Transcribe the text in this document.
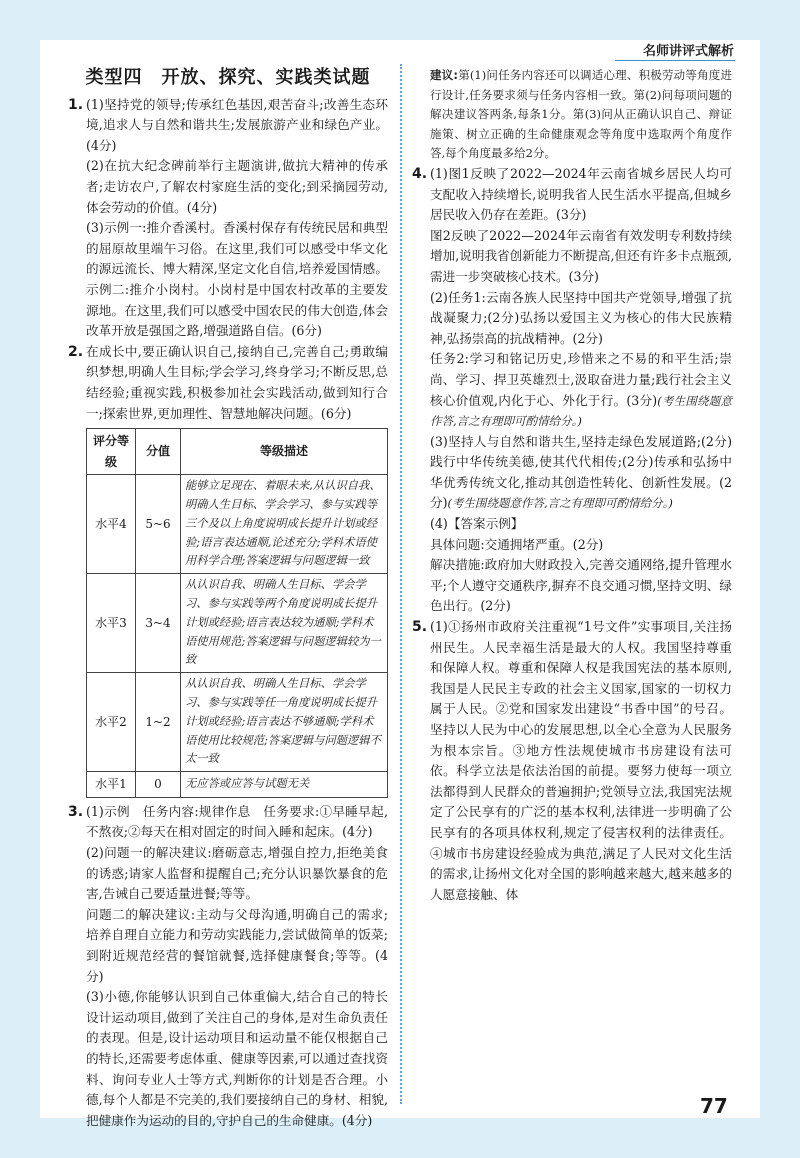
名师讲评式解析
类型四　开放、探究、实践类试题
1. (1)坚持党的领导;传承红色基因,艰苦奋斗;改善生态环境,追求人与自然和谐共生;发展旅游产业和绿色产业。(4分)

(2)在抗大纪念碑前举行主题演讲,做抗大精神的传承者;走访农户,了解农村家庭生活的变化;到采摘园劳动,体会劳动的价值。(4分)

(3)示例一:推介香溪村。香溪村保存有传统民居和典型的屈原故里端午习俗。在这里,我们可以感受中华文化的源远流长、博大精深,坚定文化自信,培养爱国情感。示例二:推介小岗村。小岗村是中国农村改革的主要发源地。在这里,我们可以感受中国农民的伟大创造,体会改革开放是强国之路,增强道路自信。(6分)

2. 在成长中,要正确认识自己,接纳自己,完善自己;勇敢编织梦想,明确人生目标;学会学习,终身学习;不断反思,总结经验;重视实践,积极参加社会实践活动,做到知行合一;探索世界,更加理性、智慧地解决问题。(6分)

评分等级	分值	等级描述
水平4	5~6	能够立足现在、着眼未来,从认识自我、明确人生目标、学会学习、参与实践等三个及以上角度说明成长提升计划或经验;语言表达通顺,论述充分;学科术语使用科学合理;答案逻辑与问题逻辑一致
水平3	3~4	从认识自我、明确人生目标、学会学习、参与实践等两个角度说明成长提升计划或经验;语言表达较为通顺;学科术语使用规范;答案逻辑与问题逻辑较为一致
水平2	1~2	从认识自我、明确人生目标、学会学习、参与实践等任一角度说明成长提升计划或经验;语言表达不够通顺;学科术语使用比较规范;答案逻辑与问题逻辑不太一致
水平1	0	无应答或应答与试题无关
3. (1)示例　任务内容:规律作息　任务要求:①早睡早起,不熬夜;②每天在相对固定的时间入睡和起床。(4分)

(2)问题一的解决建议:磨砺意志,增强自控力,拒绝美食的诱惑;请家人监督和提醒自己;充分认识暴饮暴食的危害,告诫自己要适量进餐;等等。

问题二的解决建议:主动与父母沟通,明确自己的需求;培养自理自立能力和劳动实践能力,尝试做简单的饭菜;到附近规范经营的餐馆就餐,选择健康餐食;等等。(4分)

(3)小德,你能够认识到自己体重偏大,结合自己的特长设计运动项目,做到了关注自己的身体,是对生命负责任的表现。但是,设计运动项目和运动量不能仅根据自己的特长,还需要考虑体重、健康等因素,可以通过查找资料、询问专业人士等方式,判断你的计划是否合理。小德,每个人都是不完美的,我们要接纳自己的身材、相貌,把健康作为运动的目的,守护自己的生命健康。(4分)

建议:第(1)问任务内容还可以调适心理、积极劳动等角度进行设计,任务要求须与任务内容相一致。第(2)问每项问题的解决建议答两条,每条1分。第(3)问从正确认识自己、辩证施策、树立正确的生命健康观念等角度中选取两个角度作答,每个角度最多给2分。

4. (1)图1反映了2022—2024年云南省城乡居民人均可支配收入持续增长,说明我省人民生活水平提高,但城乡居民收入仍存在差距。(3分)

图2反映了2022—2024年云南省有效发明专利数持续增加,说明我省创新能力不断提高,但还有许多卡点瓶颈,需进一步突破核心技术。(3分)

(2)任务1:云南各族人民坚持中国共产党领导,增强了抗战凝聚力;(2分)弘扬以爱国主义为核心的伟大民族精神,弘扬崇高的抗战精神。(2分)

任务2:学习和铭记历史,珍惜来之不易的和平生活;崇尚、学习、捍卫英雄烈士,汲取奋进力量;践行社会主义核心价值观,内化于心、外化于行。(3分)(考生围绕题意作答,言之有理即可酌情给分。)

(3)坚持人与自然和谐共生,坚持走绿色发展道路;(2分)践行中华传统美德,使其代代相传;(2分)传承和弘扬中华优秀传统文化,推动其创造性转化、创新性发展。(2分)(考生围绕题意作答,言之有理即可酌情给分。)

(4)【答案示例】

具体问题:交通拥堵严重。(2分)

解决措施:政府加大财政投入,完善交通网络,提升管理水平;个人遵守交通秩序,摒弃不良交通习惯,坚持文明、绿色出行。(2分)

5. (1)①扬州市政府关注重视“1号文件”实事项目,关注扬州民生。人民幸福生活是最大的人权。我国坚持尊重和保障人权。尊重和保障人权是我国宪法的基本原则,我国是人民民主专政的社会主义国家,国家的一切权力属于人民。②党和国家发出建设“书香中国”的号召。坚持以人民为中心的发展思想,以全心全意为人民服务为根本宗旨。③地方性法规使城市书房建设有法可依。科学立法是依法治国的前提。要努力使每一项立法都得到人民群众的普遍拥护;党领导立法,我国宪法规定了公民享有的广泛的基本权利,法律进一步明确了公民享有的各项具体权利,规定了侵害权利的法律责任。④城市书房建设经验成为典范,满足了人民对文化生活的需求,让扬州文化对全国的影响越来越大,越来越多的人愿意接触、体

77
